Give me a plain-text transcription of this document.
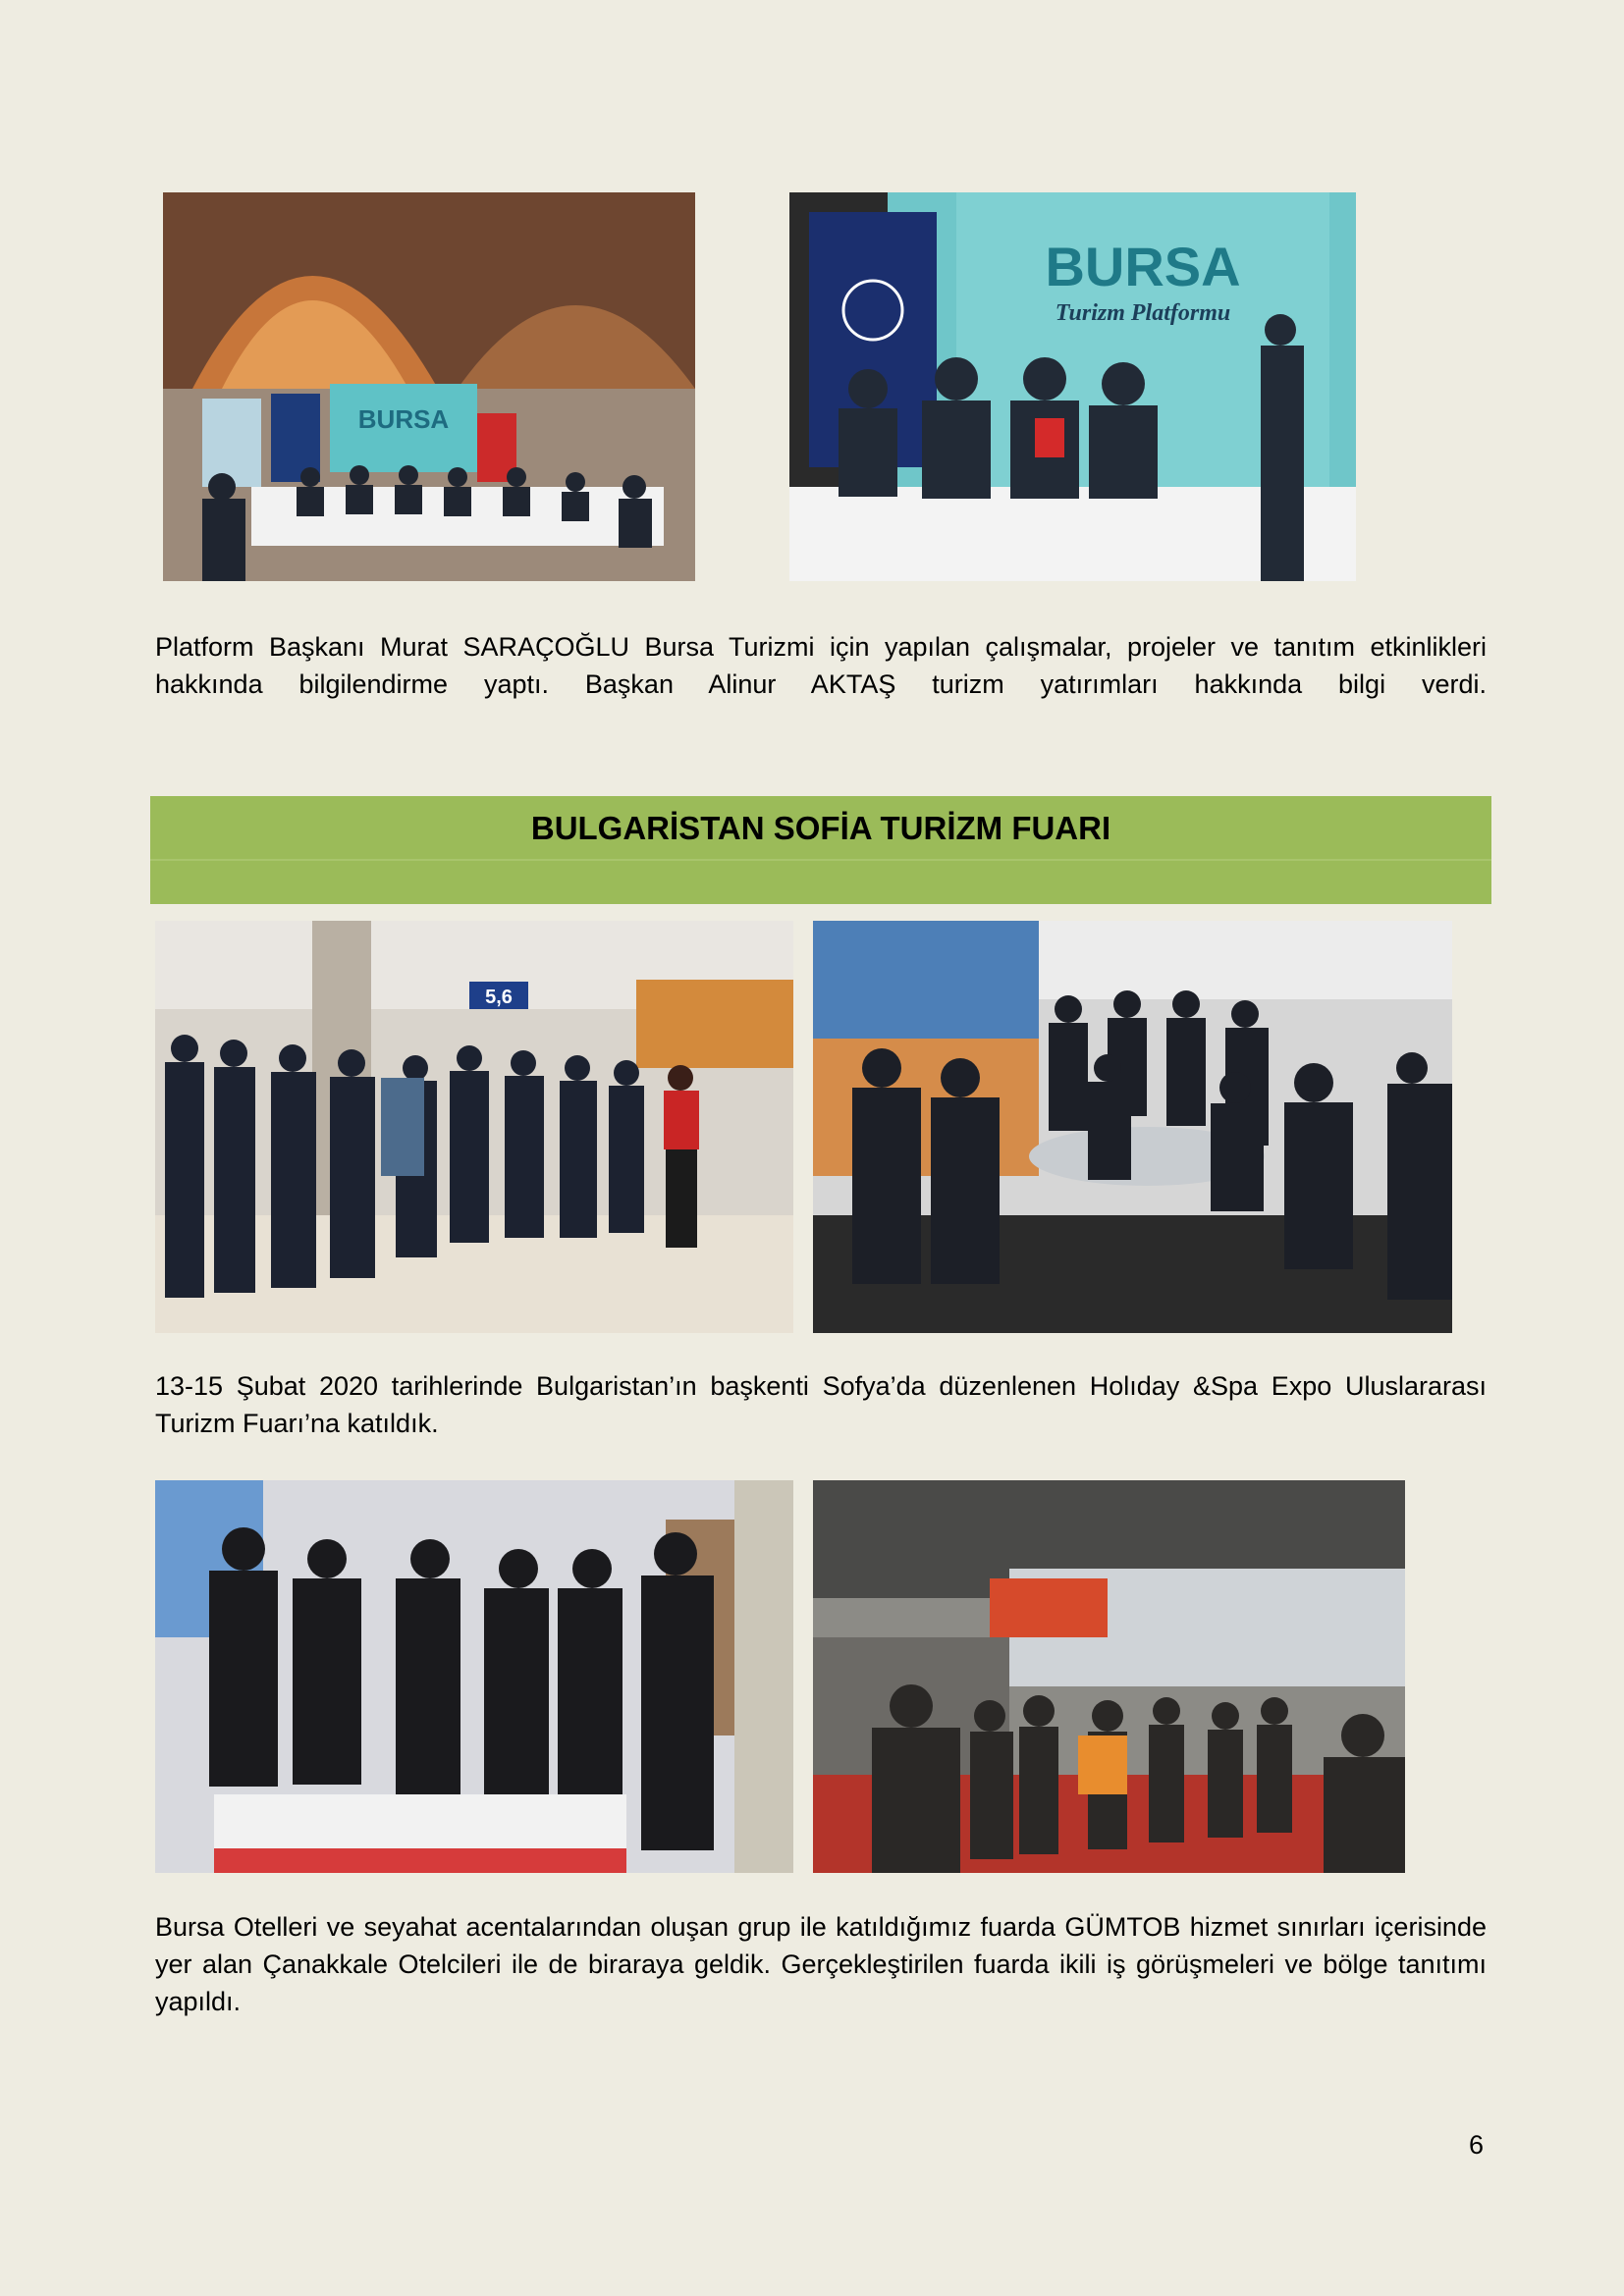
BURSA
BURSA
Turizm Platformu

Platform Başkanı Murat SARAÇOĞLU Bursa Turizmi için yapılan çalışmalar, projeler ve tanıtım etkinlikleri hakkında bilgilendirme yaptı. Başkan Alinur AKTAŞ turizm yatırımları hakkında bilgi verdi.

BULGARİSTAN SOFİA TURİZM FUARI
5,6

13-15 Şubat 2020 tarihlerinde Bulgaristan’ın başkenti Sofya’da düzenlenen Holıday &Spa Expo Uluslararası Turizm Fuarı’na katıldık.

Bursa Otelleri ve seyahat acentalarından oluşan grup ile katıldığımız fuarda GÜMTOB hizmet sınırları içerisinde yer alan Çanakkale Otelcileri ile de biraraya geldik. Gerçekleştirilen fuarda ikili iş görüşmeleri ve bölge tanıtımı yapıldı.

6
